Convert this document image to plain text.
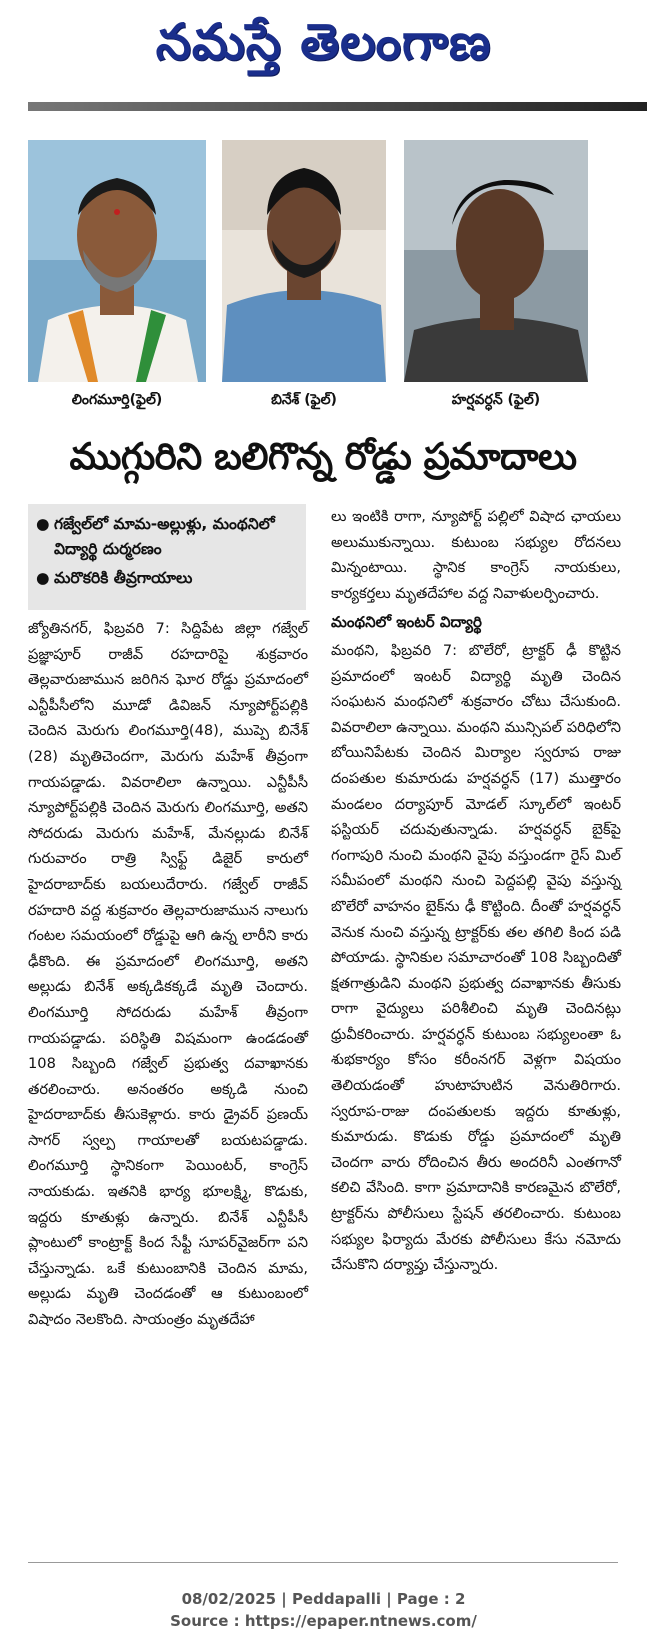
నమస్తే తెలంగాణ
లింగమూర్తి(ఫైల్)	బినేశ్ (ఫైల్)	హర్షవర్ధన్ (ఫైల్)
ముగ్గురిని బలిగొన్న రోడ్డు ప్రమాదాలు
● గజ్వేల్‌లో మామ-అల్లుళ్లు, మంథనిలో విద్యార్థి దుర్మరణం
● మరొకరికి తీవ్రగాయాలు

జ్యోతినగర్, ఫిబ్రవరి 7: సిద్దిపేట జిల్లా గజ్వేల్ ప్రజ్ఞాపూర్ రాజీవ్ రహదారిపై శుక్రవారం తెల్లవారుజామున జరిగిన ఘోర రోడ్డు ప్రమాదంలో ఎన్టీపీసీలోని మూడో డివిజన్ న్యూపోర్ట్‌పల్లికి చెందిన మెరుగు లింగమూర్తి(48), ముప్పె బినేశ్ (28) మృతిచెందగా, మెరుగు మహేశ్ తీవ్రంగా గాయపడ్డాడు. వివరాలిలా ఉన్నాయి. ఎన్టీపీసీ న్యూపోర్ట్‌పల్లికి చెందిన మెరుగు లింగమూర్తి, అతని సోదరుడు మెరుగు మహేశ్, మేనల్లుడు బినేశ్ గురువారం రాత్రి స్విఫ్ట్ డిజైర్ కారులో హైదరాబాద్‌కు బయలుదేరారు. గజ్వేల్ రాజీవ్ రహదారి వద్ద శుక్రవారం తెల్లవారుజామున నాలుగు గంటల సమయంలో రోడ్డుపై ఆగి ఉన్న లారీని కారు ఢీకొంది. ఈ ప్రమాదంలో లింగమూర్తి, అతని అల్లుడు బినేశ్ అక్కడికక్కడే మృతి చెందారు. లింగమూర్తి సోదరుడు మహేశ్ తీవ్రంగా గాయపడ్డాడు. పరిస్థితి విషమంగా ఉండడంతో 108 సిబ్బంది గజ్వేల్ ప్రభుత్వ దవాఖానకు తరలించారు. అనంతరం అక్కడి నుంచి హైదరాబాద్‌కు తీసుకెళ్లారు. కారు డ్రైవర్ ప్రణయ్ సాగర్ స్వల్ప గాయాలతో బయటపడ్డాడు. లింగమూర్తి స్థానికంగా పెయింటర్, కాంగ్రెస్ నాయకుడు. ఇతనికి భార్య భూలక్ష్మి, కొడుకు, ఇద్దరు కూతుళ్లు ఉన్నారు. బినేశ్ ఎన్టీపీసీ ప్లాంటులో కాంట్రాక్ట్ కింద సేఫ్టీ సూపర్‌వైజర్‌గా పని చేస్తున్నాడు. ఒకే కుటుంబానికి చెందిన మామ, అల్లుడు మృతి చెందడంతో ఆ కుటుంబంలో విషాదం నెలకొంది. సాయంత్రం మృతదేహా

లు ఇంటికి రాగా, న్యూపోర్ట్ పల్లిలో విషాద ఛాయలు అలుముకున్నాయి. కుటుంబ సభ్యుల రోదనలు మిన్నంటాయి. స్థానిక కాంగ్రెస్ నాయకులు, కార్యకర్తలు మృతదేహాల వద్ద నివాళులర్పించారు.

మంథనిలో ఇంటర్ విద్యార్థి

మంథని, ఫిబ్రవరి 7: బొలేరో, ట్రాక్టర్ ఢీ కొట్టిన ప్రమాదంలో ఇంటర్ విద్యార్థి మృతి చెందిన సంఘటన మంథనిలో శుక్రవారం చోటు చేసుకుంది. వివరాలిలా ఉన్నాయి. మంథని మున్సిపల్ పరిధిలోని బోయినిపేటకు చెందిన మిర్యాల స్వరూప రాజు దంపతుల కుమారుడు హర్షవర్ధన్ (17) ముత్తారం మండలం దర్యాపూర్ మోడల్ స్కూల్‌లో ఇంటర్ ఫస్టియర్ చదువుతున్నాడు. హర్షవర్ధన్ బైక్‌పై గంగాపురి నుంచి మంథని వైపు వస్తుండగా రైస్ మిల్ సమీపంలో మంథని నుంచి పెద్దపల్లి వైపు వస్తున్న బొలేరో వాహనం బైక్‌ను ఢీ కొట్టింది. దీంతో హర్షవర్ధన్ వెనుక నుంచి వస్తున్న ట్రాక్టర్‌కు తల తగిలి కింద పడి పోయాడు. స్థానికుల సమాచారంతో 108 సిబ్బందితో క్షతగాత్రుడిని మంథని ప్రభుత్వ దవాఖానకు తీసుకు రాగా వైద్యులు పరిశీలించి మృతి చెందినట్లు ధ్రువీకరించారు. హర్షవర్ధన్ కుటుంబ సభ్యులంతా ఓ శుభకార్యం కోసం కరీంనగర్ వెళ్లగా విషయం తెలియడంతో హుటాహుటిన వెనుతిరిగారు. స్వరూప-రాజు దంపతులకు ఇద్దరు కూతుళ్లు, కుమారుడు. కొడుకు రోడ్డు ప్రమాదంలో మృతి చెందగా వారు రోదించిన తీరు అందరినీ ఎంతగానో కలిచి వేసింది. కాగా ప్రమాదానికి కారణమైన బొలేరో, ట్రాక్టర్‌ను పోలీసులు స్టేషన్ తరలించారు. కుటుంబ సభ్యుల ఫిర్యాదు మేరకు పోలీసులు కేసు నమోదు చేసుకొని దర్యాప్తు చేస్తున్నారు.

08/02/2025 | Peddapalli | Page : 2
Source : https://epaper.ntnews.com/
